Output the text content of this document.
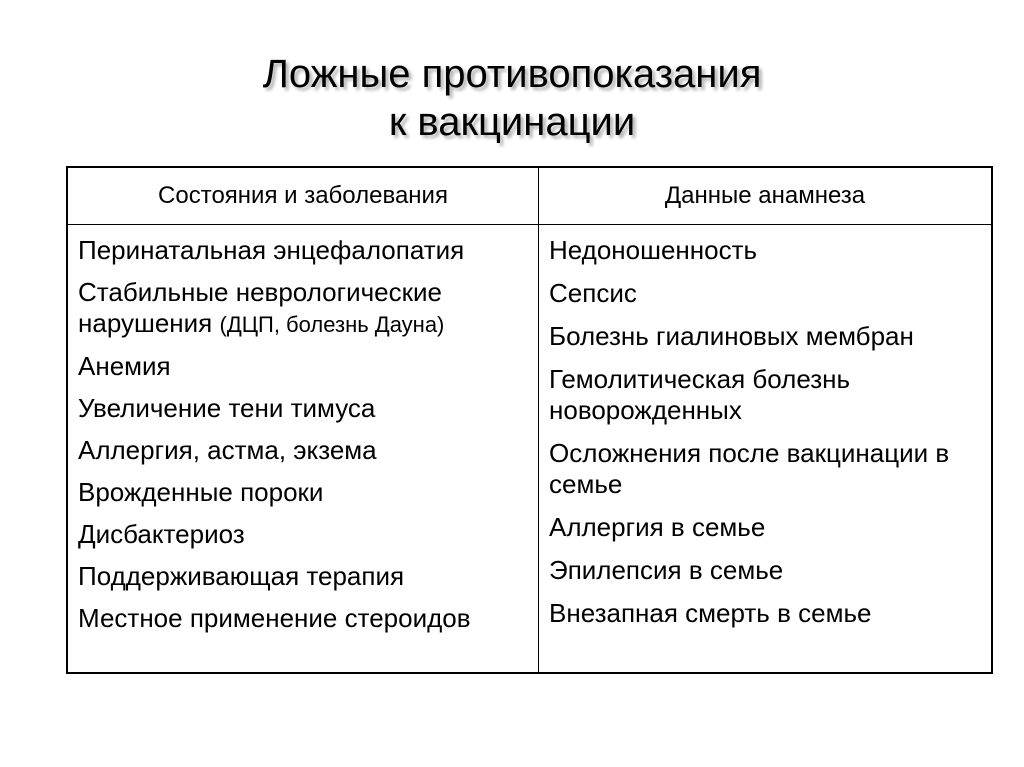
Ложные противопоказания
к вакцинации
Состояния и заболевания	Данные анамнеза
Перинатальная энцефалопатия
Стабильные неврологические нарушения (ДЦП, болезнь Дауна)
Анемия
Увеличение тени тимуса
Аллергия, астма, экзема
Врожденные пороки
Дисбактериоз
Поддерживающая терапия
Местное применение стероидов
Недоношенность
Сепсис
Болезнь гиалиновых мембран
Гемолитическая болезнь новорожденных
Осложнения после вакцинации в семье
Аллергия в семье
Эпилепсия в семье
Внезапная смерть в семье
